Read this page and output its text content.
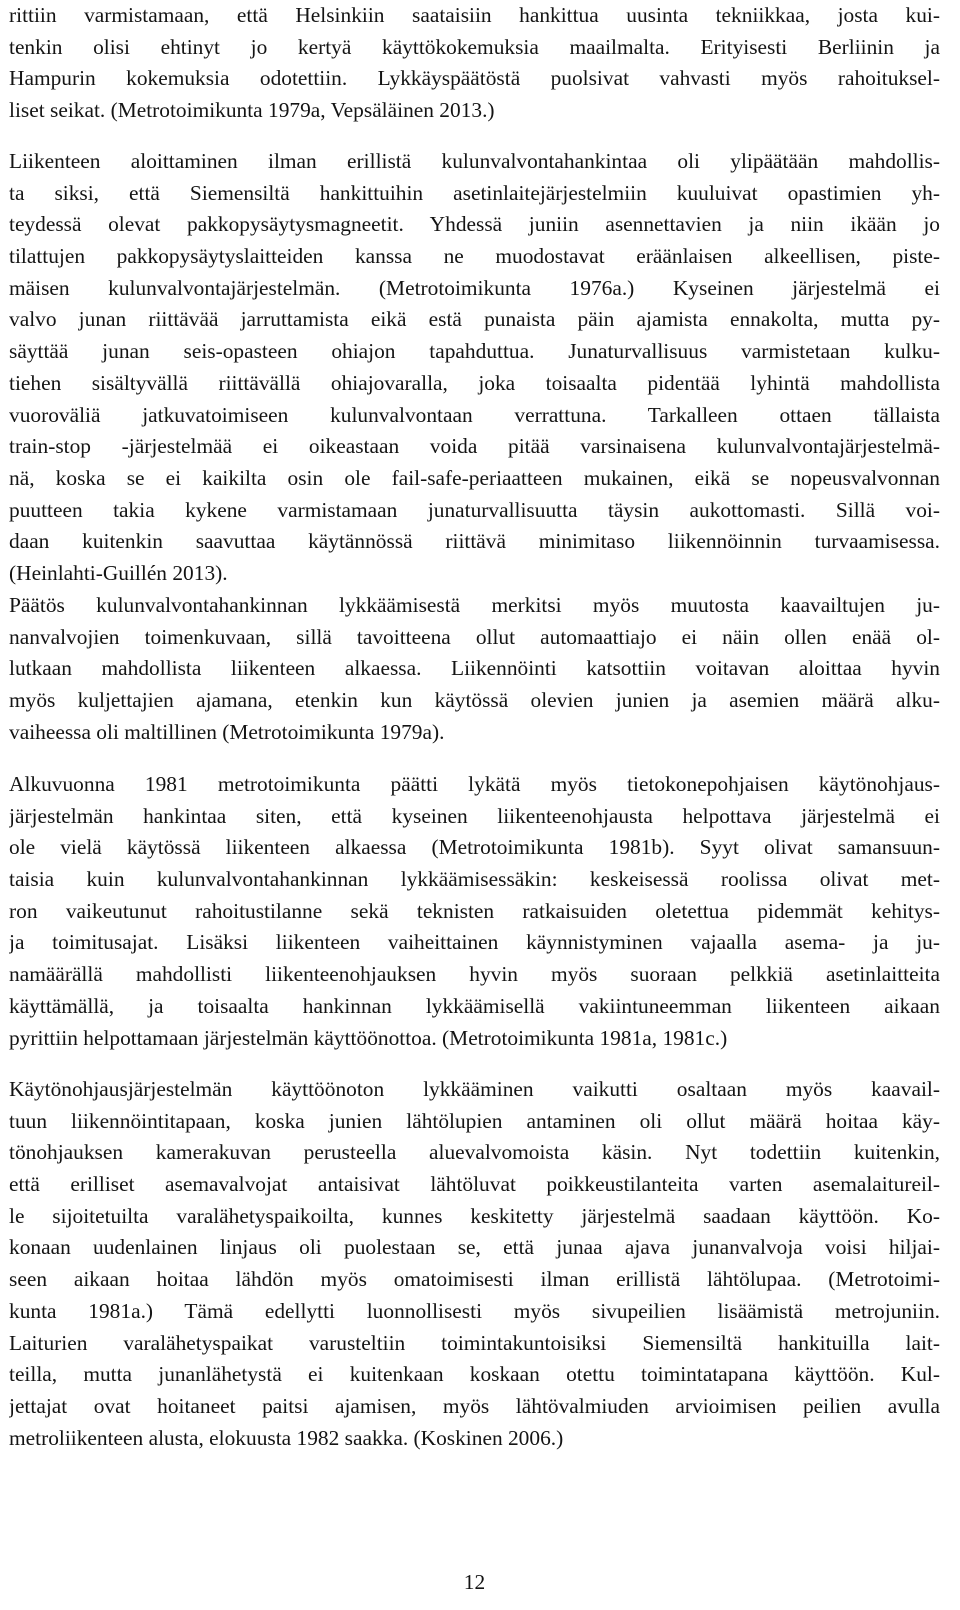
rittiin varmistamaan, että Helsinkiin saataisiin hankittua uusinta tekniikkaa, josta kui-
tenkin olisi ehtinyt jo kertyä käyttökokemuksia maailmalta. Erityisesti Berliinin ja
Hampurin kokemuksia odotettiin. Lykkäyspäätöstä puolsivat vahvasti myös rahoituksel-
liset seikat. (Metrotoimikunta 1979a, Vepsäläinen 2013.)
Liikenteen aloittaminen ilman erillistä kulunvalvontahankintaa oli ylipäätään mahdollis-
ta siksi, että Siemensiltä hankittuihin asetinlaitejärjestelmiin kuuluivat opastimien yh-
teydessä olevat pakkopysäytysmagneetit. Yhdessä juniin asennettavien ja niin ikään jo
tilattujen pakkopysäytyslaitteiden kanssa ne muodostavat eräänlaisen alkeellisen, piste-
mäisen kulunvalvontajärjestelmän. (Metrotoimikunta 1976a.) Kyseinen järjestelmä ei
valvo junan riittävää jarruttamista eikä estä punaista päin ajamista ennakolta, mutta py-
säyttää junan seis-opasteen ohiajon tapahduttua. Junaturvallisuus varmistetaan kulku-
tiehen sisältyvällä riittävällä ohiajovaralla, joka toisaalta pidentää lyhintä mahdollista
vuoroväliä jatkuvatoimiseen kulunvalvontaan verrattuna. Tarkalleen ottaen tällaista
train-stop -järjestelmää ei oikeastaan voida pitää varsinaisena kulunvalvontajärjestelmä-
nä, koska se ei kaikilta osin ole fail-safe-periaatteen mukainen, eikä se nopeusvalvonnan
puutteen takia kykene varmistamaan junaturvallisuutta täysin aukottomasti. Sillä voi-
daan kuitenkin saavuttaa käytännössä riittävä minimitaso liikennöinnin turvaamisessa.
(Heinlahti-Guillén 2013).
Päätös kulunvalvontahankinnan lykkäämisestä merkitsi myös muutosta kaavailtujen ju-
nanvalvojien toimenkuvaan, sillä tavoitteena ollut automaattiajo ei näin ollen enää ol-
lutkaan mahdollista liikenteen alkaessa. Liikennöinti katsottiin voitavan aloittaa hyvin
myös kuljettajien ajamana, etenkin kun käytössä olevien junien ja asemien määrä alku-
vaiheessa oli maltillinen (Metrotoimikunta 1979a).
Alkuvuonna 1981 metrotoimikunta päätti lykätä myös tietokonepohjaisen käytönohjaus-
järjestelmän hankintaa siten, että kyseinen liikenteenohjausta helpottava järjestelmä ei
ole vielä käytössä liikenteen alkaessa (Metrotoimikunta 1981b). Syyt olivat samansuun-
taisia kuin kulunvalvontahankinnan lykkäämisessäkin: keskeisessä roolissa olivat met-
ron vaikeutunut rahoitustilanne sekä teknisten ratkaisuiden oletettua pidemmät kehitys-
ja toimitusajat. Lisäksi liikenteen vaiheittainen käynnistyminen vajaalla asema- ja ju-
namäärällä mahdollisti liikenteenohjauksen hyvin myös suoraan pelkkiä asetinlaitteita
käyttämällä, ja toisaalta hankinnan lykkäämisellä vakiintuneemman liikenteen aikaan
pyrittiin helpottamaan järjestelmän käyttöönottoa. (Metrotoimikunta 1981a, 1981c.)
Käytönohjausjärjestelmän käyttöönoton lykkääminen vaikutti osaltaan myös kaavail-
tuun liikennöintitapaan, koska junien lähtölupien antaminen oli ollut määrä hoitaa käy-
tönohjauksen kamerakuvan perusteella aluevalvomoista käsin. Nyt todettiin kuitenkin,
että erilliset asemavalvojat antaisivat lähtöluvat poikkeustilanteita varten asemalaitureil-
le sijoitetuilta varalähetyspaikoilta, kunnes keskitetty järjestelmä saadaan käyttöön. Ko-
konaan uudenlainen linjaus oli puolestaan se, että junaa ajava junanvalvoja voisi hiljai-
seen aikaan hoitaa lähdön myös omatoimisesti ilman erillistä lähtölupaa. (Metrotoimi-
kunta 1981a.) Tämä edellytti luonnollisesti myös sivupeilien lisäämistä metrojuniin.
Laiturien varalähetyspaikat varusteltiin toimintakuntoisiksi Siemensiltä hankituilla lait-
teilla, mutta junanlähetystä ei kuitenkaan koskaan otettu toimintatapana käyttöön. Kul-
jettajat ovat hoitaneet paitsi ajamisen, myös lähtövalmiuden arvioimisen peilien avulla
metroliikenteen alusta, elokuusta 1982 saakka. (Koskinen 2006.)
12
